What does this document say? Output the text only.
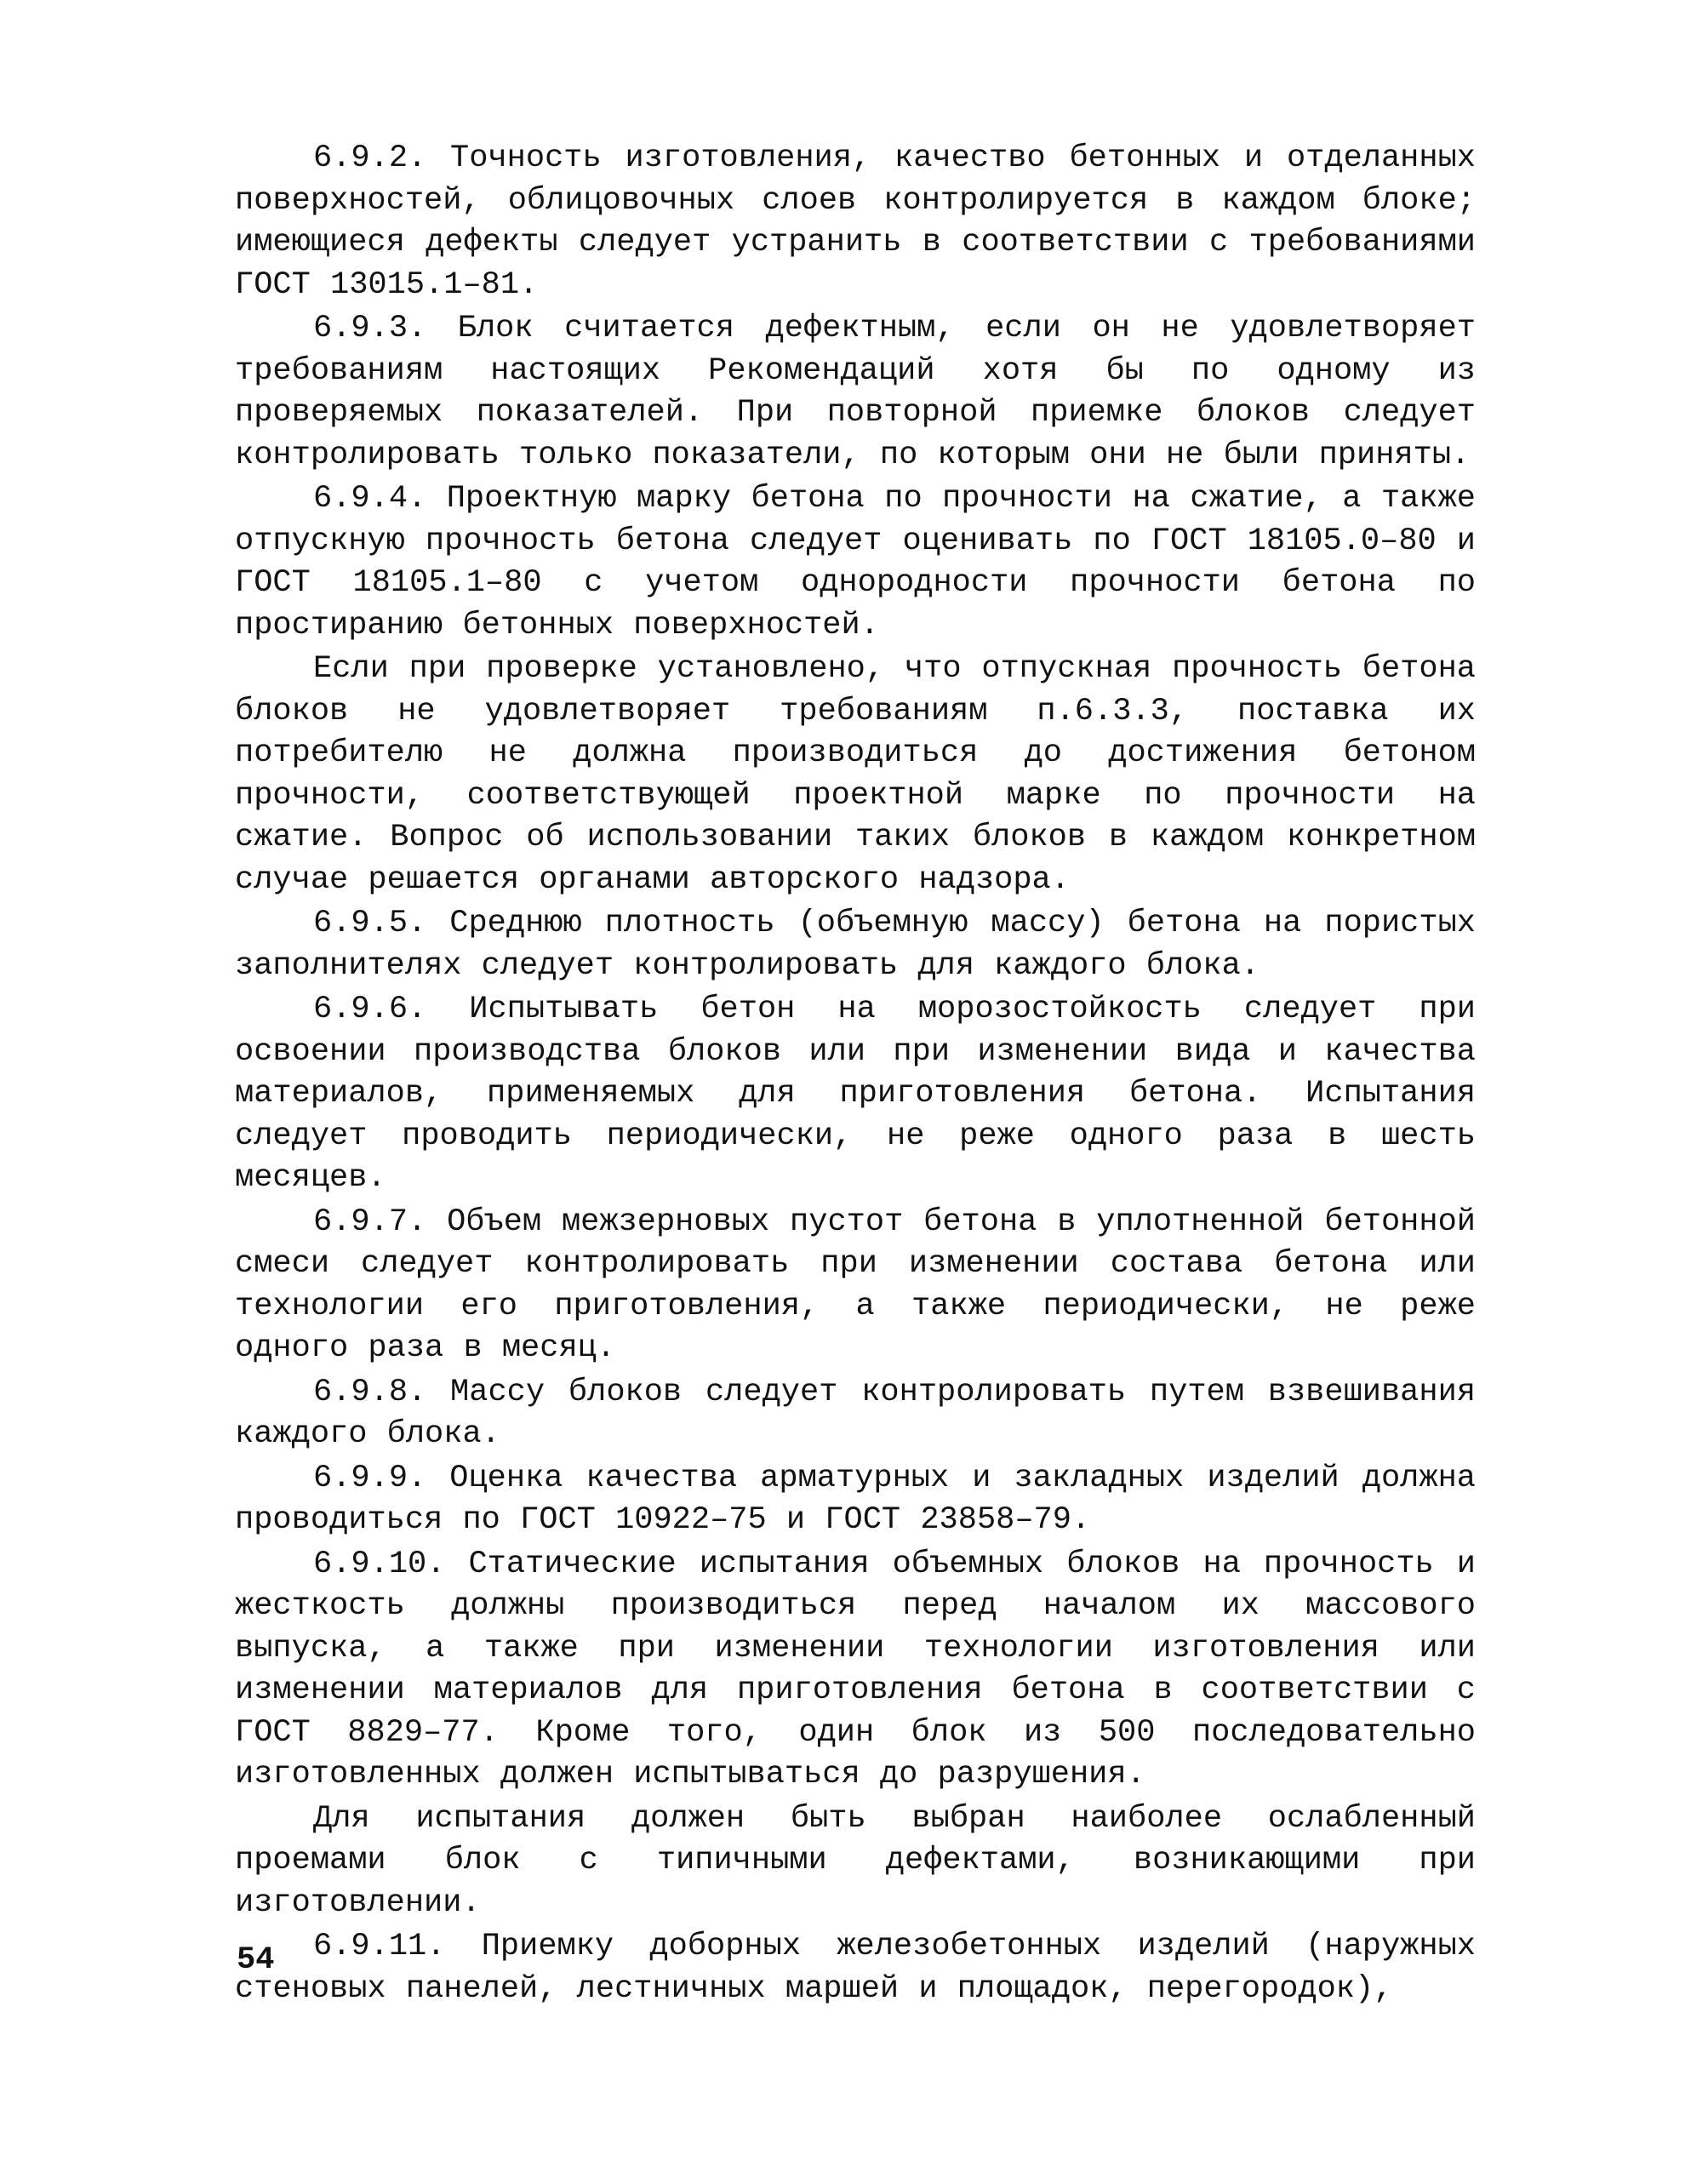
6.9.2. Точность изготовления, качество бетонных и отделанных поверхностей, облицовочных слоев контролируется в каждом блоке; имеющиеся дефекты следует устранить в соответствии с требованиями ГОСТ 13015.1–81.

6.9.3. Блок считается дефектным, если он не удовлетворяет требованиям настоящих Рекомендаций хотя бы по одному из проверяемых показателей. При повторной приемке блоков следует контролировать только показатели, по которым они не были приняты.

6.9.4. Проектную марку бетона по прочности на сжатие, а также отпускную прочность бетона следует оценивать по ГОСТ 18105.0–80 и ГОСТ 18105.1–80 с учетом однородности прочности бетона по простиранию бетонных поверхностей.

Если при проверке установлено, что отпускная прочность бетона блоков не удовлетворяет требованиям п.6.3.3, поставка их потребителю не должна производиться до достижения бетоном прочности, соответствующей проектной марке по прочности на сжатие. Вопрос об использовании таких блоков в каждом конкретном случае решается органами авторского надзора.

6.9.5. Среднюю плотность (объемную массу) бетона на пористых заполнителях следует контролировать для каждого блока.

6.9.6. Испытывать бетон на морозостойкость следует при освоении производства блоков или при изменении вида и качества материалов, применяемых для приготовления бетона. Испытания следует проводить периодически, не реже одного раза в шесть месяцев.

6.9.7. Объем межзерновых пустот бетона в уплотненной бетонной смеси следует контролировать при изменении состава бетона или технологии его приготовления, а также периодически, не реже одного раза в месяц.

6.9.8. Массу блоков следует контролировать путем взвешивания каждого блока.

6.9.9. Оценка качества арматурных и закладных изделий должна проводиться по ГОСТ 10922–75 и ГОСТ 23858–79.

6.9.10. Статические испытания объемных блоков на прочность и жесткость должны производиться перед началом их массового выпуска, а также при изменении технологии изготовления или изменении материалов для приготовления бетона в соответствии с ГОСТ 8829–77. Кроме того, один блок из 500 последовательно изготовленных должен испытываться до разрушения.

Для испытания должен быть выбран наиболее ослабленный проемами блок с типичными дефектами, возникающими при изготовлении.

6.9.11. Приемку доборных железобетонных изделий (наружных стеновых панелей, лестничных маршей и площадок, перегородок),

54
